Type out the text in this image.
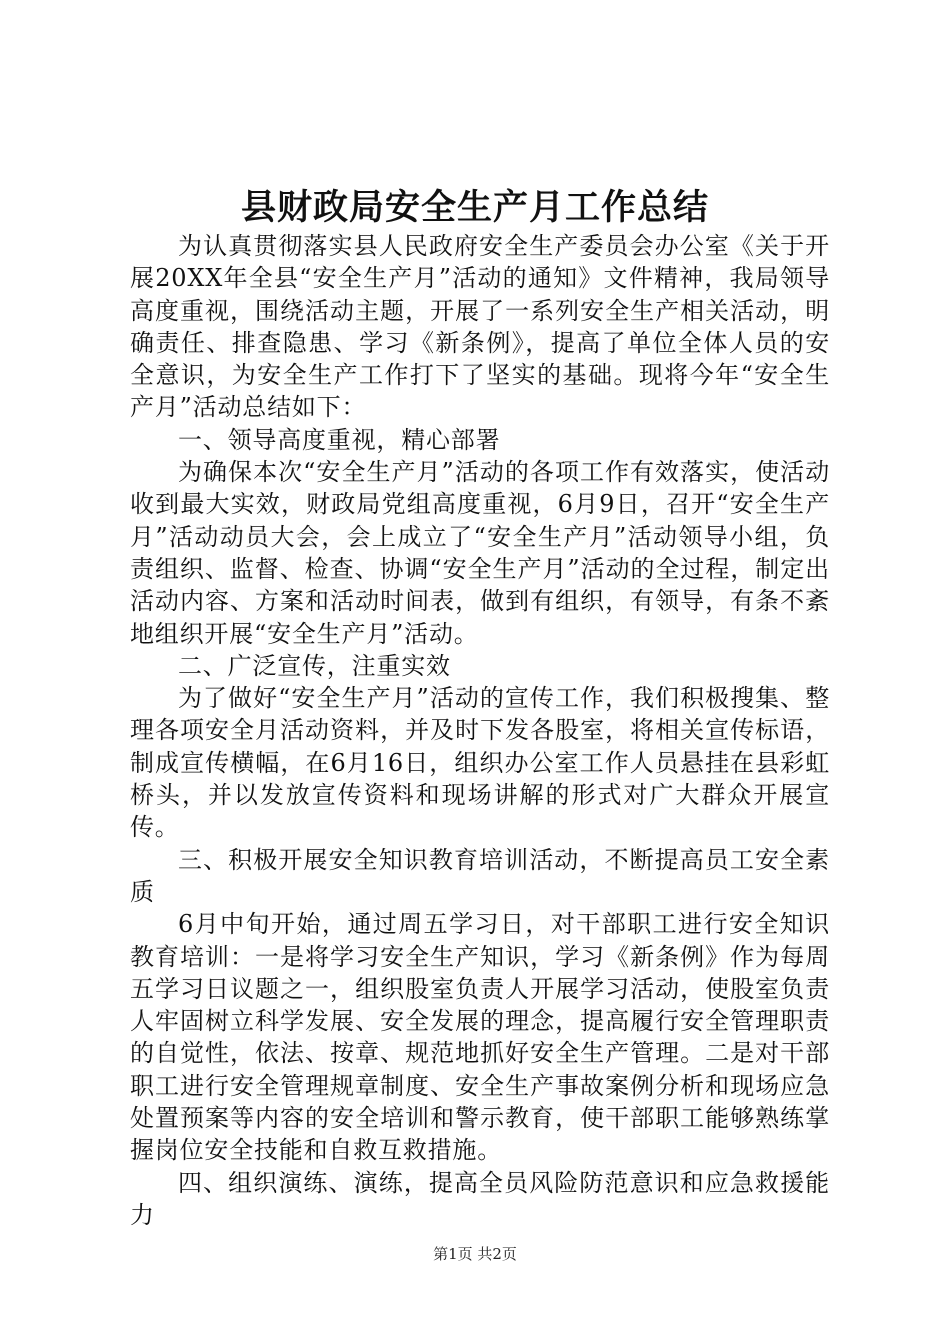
县财政局安全生产月工作总结

为认真贯彻落实县人民政府安全生产委员会办公室《关于开展20XX年全县“安全生产月”活动的通知》文件精神，我局领导高度重视，围绕活动主题，开展了一系列安全生产相关活动，明确责任、排查隐患、学习《新条例》，提高了单位全体人员的安全意识，为安全生产工作打下了坚实的基础。现将今年“安全生产月”活动总结如下：

一、领导高度重视，精心部署

为确保本次“安全生产月”活动的各项工作有效落实，使活动收到最大实效，财政局党组高度重视，6月9日，召开“安全生产月”活动动员大会，会上成立了“安全生产月”活动领导小组，负责组织、监督、检查、协调“安全生产月”活动的全过程，制定出活动内容、方案和活动时间表，做到有组织，有领导，有条不紊地组织开展“安全生产月”活动。

二、广泛宣传，注重实效

为了做好“安全生产月”活动的宣传工作，我们积极搜集、整理各项安全月活动资料，并及时下发各股室，将相关宣传标语，制成宣传横幅，在6月16日，组织办公室工作人员悬挂在县彩虹桥头，并以发放宣传资料和现场讲解的形式对广大群众开展宣传。

三、积极开展安全知识教育培训活动，不断提高员工安全素质

6月中旬开始，通过周五学习日，对干部职工进行安全知识教育培训：一是将学习安全生产知识，学习《新条例》作为每周五学习日议题之一，组织股室负责人开展学习活动，使股室负责人牢固树立科学发展、安全发展的理念，提高履行安全管理职责的自觉性，依法、按章、规范地抓好安全生产管理。二是对干部职工进行安全管理规章制度、安全生产事故案例分析和现场应急处置预案等内容的安全培训和警示教育，使干部职工能够熟练掌握岗位安全技能和自救互救措施。

四、组织演练、演练，提高全员风险防范意识和应急救援能力

第1页 共2页
